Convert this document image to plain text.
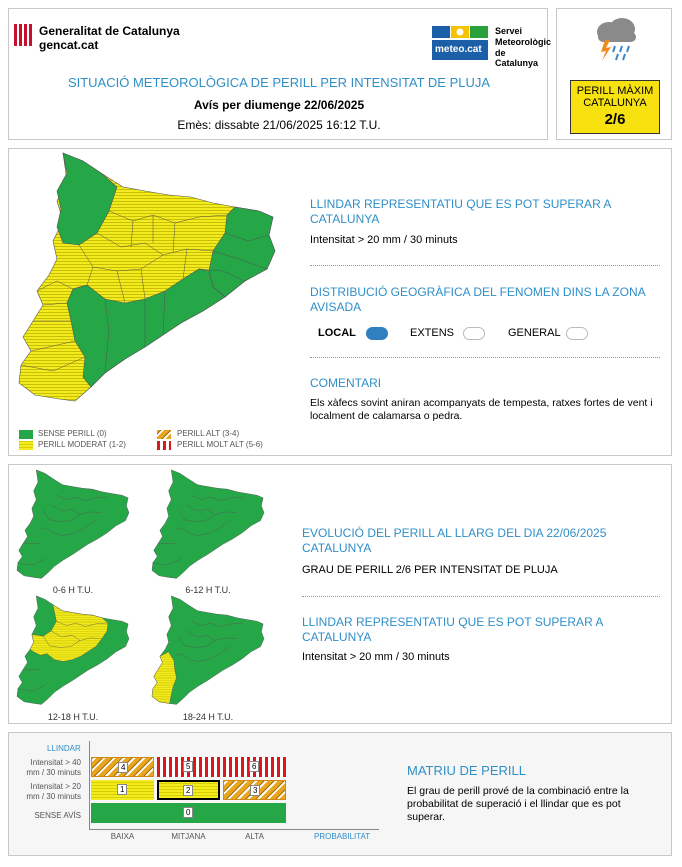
Generalitat de Catalunya
gencat.cat	meteo.cat
Servei
Meteorològic
de Catalunya
SITUACIÓ METEOROLÒGICA DE PERILL PER INTENSITAT DE PLUJA
Avís per diumenge 22/06/2025
Emès: dissabte 21/06/2025 16:12 T.U.
PERILL MÀXIM
CATALUNYA
2/6
SENSE PERILL (0)
PERILL MODERAT (1-2)
PERILL ALT (3-4)
PERILL MOLT ALT (5-6)
LLINDAR REPRESENTATIU QUE ES POT SUPERAR A CATALUNYA
Intensitat > 20 mm / 30 minuts
DISTRIBUCIÓ GEOGRÀFICA DEL FENOMEN DINS LA ZONA AVISADA
LOCAL	EXTENS	GENERAL
COMENTARI
Els xàfecs sovint aniran acompanyats de tempesta, ratxes fortes de vent i localment de calamarsa o pedra.
0-6 H T.U.	6-12 H T.U.
12-18 H T.U.	18-24 H T.U.
EVOLUCIÓ DEL PERILL AL LLARG DEL DIA 22/06/2025 CATALUNYA
GRAU DE PERILL 2/6 PER INTENSITAT DE PLUJA
LLINDAR REPRESENTATIU QUE ES POT SUPERAR A CATALUNYA
Intensitat > 20 mm / 30 minuts
LLINDAR
Intensitat > 40
mm / 30 minuts
Intensitat > 20
mm / 30 minuts
SENSE AVÍS
4	5	6
1	2	3
0
BAIXA	MITJANA	ALTA	PROBABILITAT
MATRIU DE PERILL
El grau de perill prové de la combinació entre la probabilitat de superació i el llindar que es pot superar.
